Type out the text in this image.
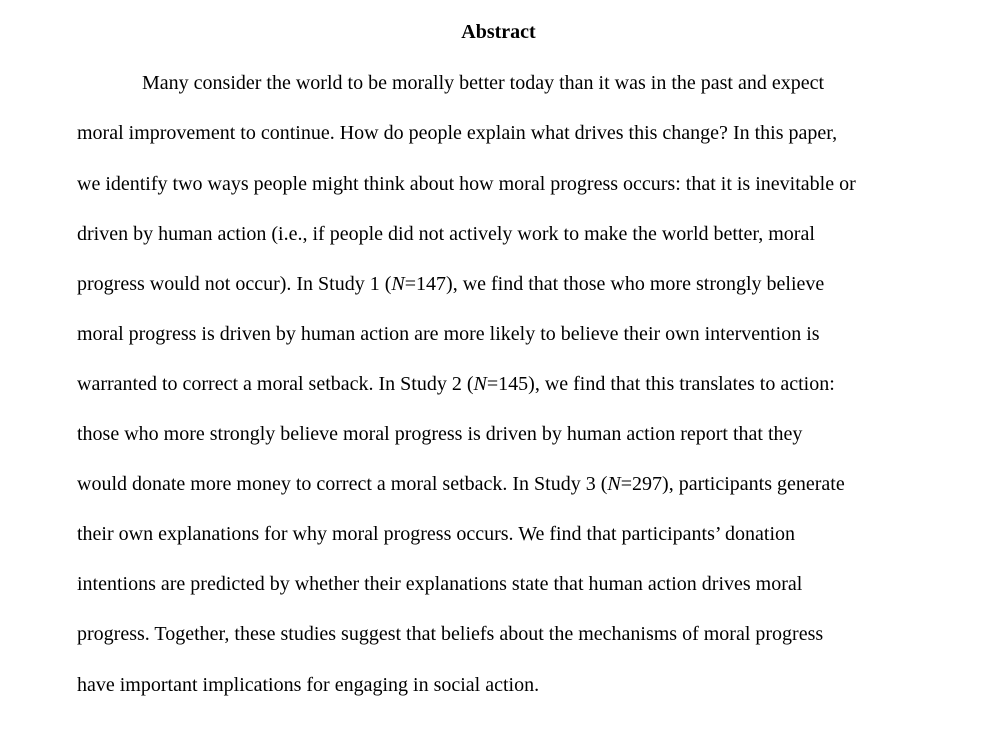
Abstract
Many consider the world to be morally better today than it was in the past and expect
moral improvement to continue. How do people explain what drives this change? In this paper,
we identify two ways people might think about how moral progress occurs: that it is inevitable or
driven by human action (i.e., if people did not actively work to make the world better, moral
progress would not occur). In Study 1 (N=147), we find that those who more strongly believe
moral progress is driven by human action are more likely to believe their own intervention is
warranted to correct a moral setback. In Study 2 (N=145), we find that this translates to action:
those who more strongly believe moral progress is driven by human action report that they
would donate more money to correct a moral setback. In Study 3 (N=297), participants generate
their own explanations for why moral progress occurs. We find that participants’ donation
intentions are predicted by whether their explanations state that human action drives moral
progress. Together, these studies suggest that beliefs about the mechanisms of moral progress
have important implications for engaging in social action.
